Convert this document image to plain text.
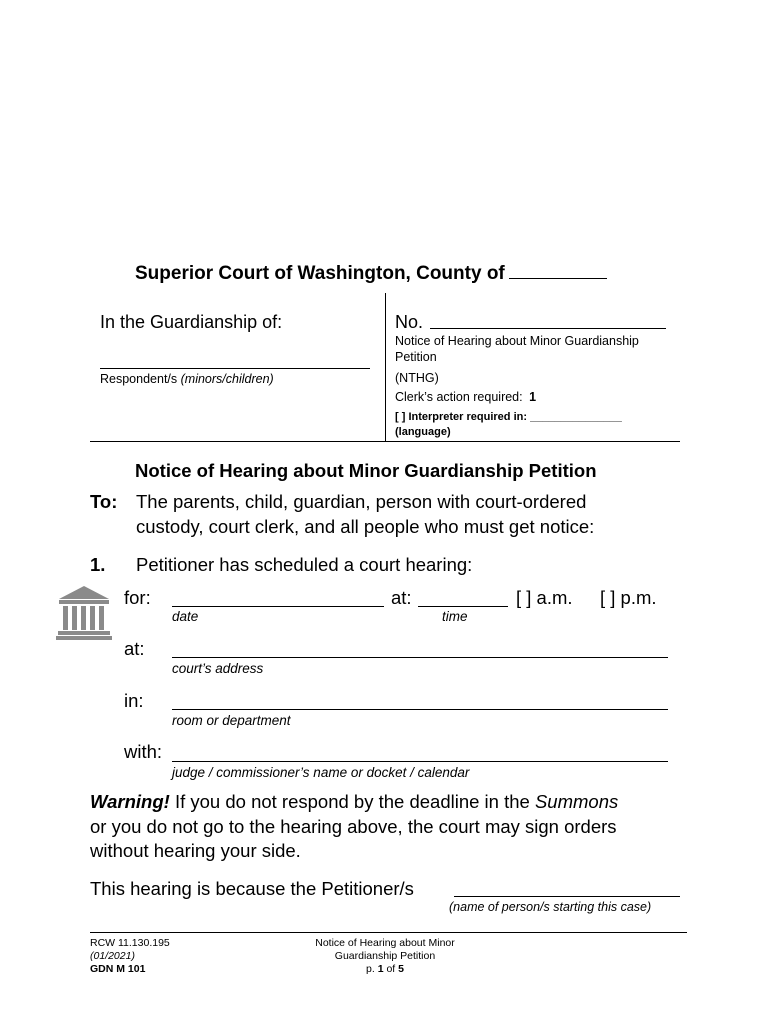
Superior Court of Washington, County of
In the Guardianship of:
Respondent/s (minors/children)
No.
Notice of Hearing about Minor Guardianship
Petition
(NTHG)
Clerk’s action required: 1
[ ] Interpreter required in: _______________
(language)
Notice of Hearing about Minor Guardianship Petition
To: The parents, child, guardian, person with court-ordered
custody, court clerk, and all people who must get notice:
1. Petitioner has scheduled a court hearing:
for:
date
at:
time
[ ] a.m. [ ] p.m.
at:
court’s address
in:
room or department
with:
judge / commissioner’s name or docket / calendar
Warning! If you do not respond by the deadline in the Summons
or you do not go to the hearing above, the court may sign orders
without hearing your side.
This hearing is because the Petitioner/s
(name of person/s starting this case)
RCW 11.130.195
(01/2021)
GDN M 101
Notice of Hearing about Minor
Guardianship Petition
p. 1 of 5
